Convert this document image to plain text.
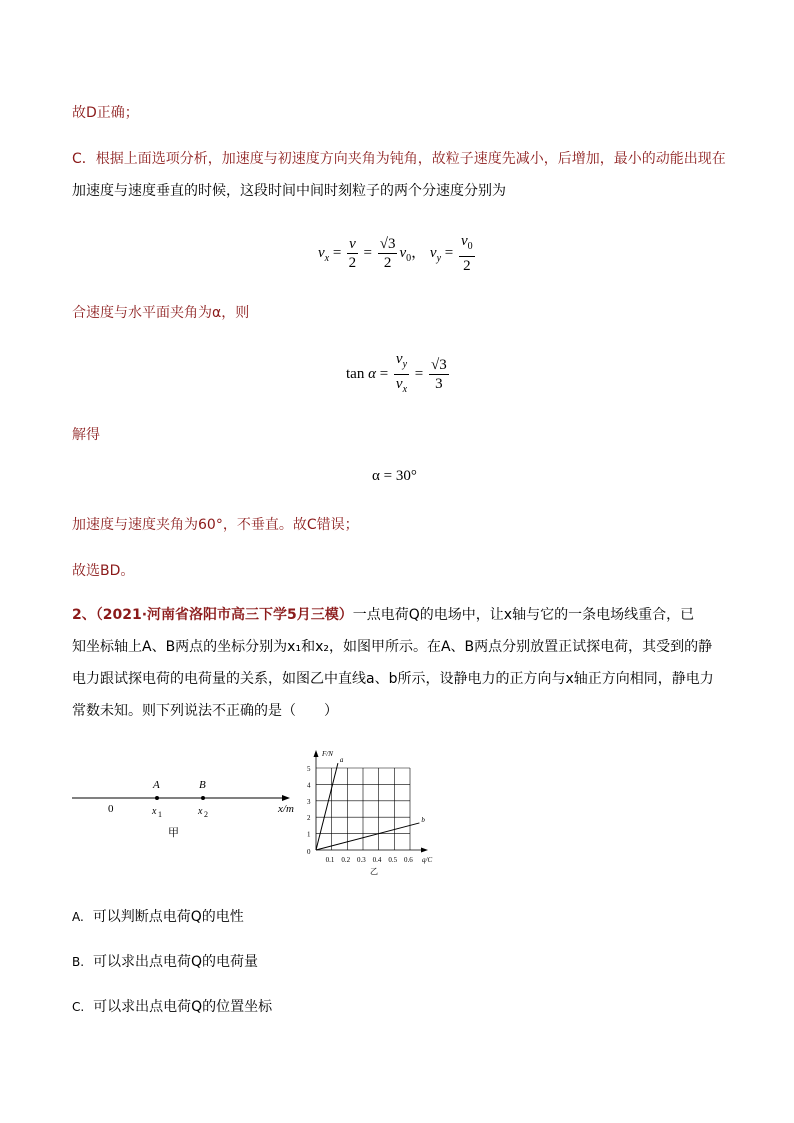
故D正确；
C．根据上面选项分析，加速度与初速度方向夹角为钝角，故粒子速度先减小，后增加，最小的动能出现在
加速度与速度垂直的时候，这段时间中间时刻粒子的两个分速度分别为
$v_x = \frac{v}{2} = \frac{√3}{2} v_0$， $v_y = \frac{v_0}{2}$
合速度与水平面夹角为α，则
$\tan \alpha = \frac{v_y}{v_x} = \frac{√3}{3}$
解得
α = 30°
加速度与速度夹角为60°，不垂直。故C错误；
故选BD。
2、（2021·河南省洛阳市高三下学5月三模）一点电荷Q的电场中，让x轴与它的一条电场线重合，已
知坐标轴上A、B两点的坐标分别为x₁和x₂，如图甲所示。在A、B两点分别放置正试探电荷，其受到的静
电力跟试探电荷的电荷量的关系，如图乙中直线a、b所示，设静电力的正方向与x轴正方向相同，静电力
常数未知。则下列说法不正确的是（　　）
0
A	B
x 1	x 2	x/m
甲
0.1 0.2 0.3 0.4 0.5 0.6
1
2
3
4
5
0
F/N
q/C
a
b
乙
A. 可以判断点电荷Q的电性
B. 可以求出点电荷Q的电荷量
C. 可以求出点电荷Q的位置坐标
